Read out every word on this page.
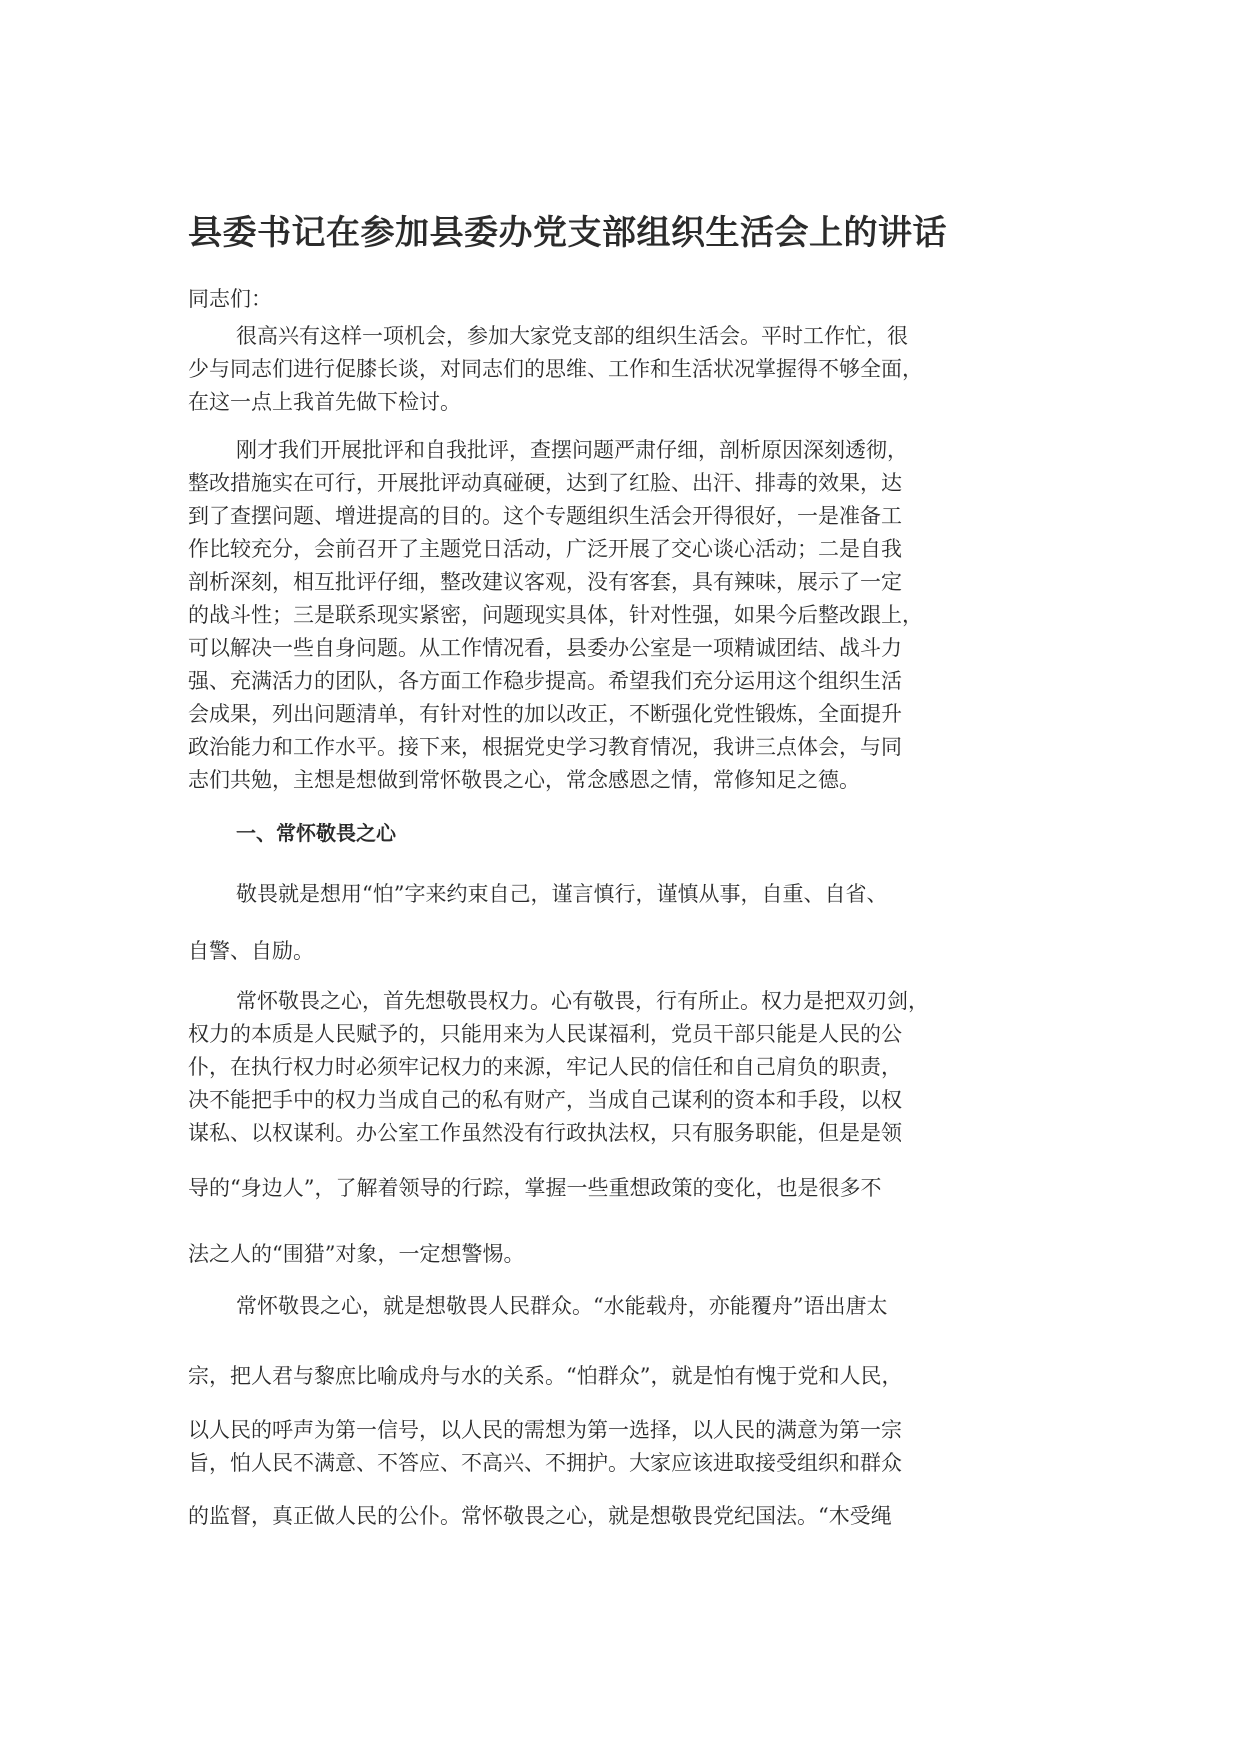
县委书记在参加县委办党支部组织生活会上的讲话

同志们：

很高兴有这样一项机会，参加大家党支部的组织生活会。平时工作忙，很
少与同志们进行促膝长谈，对同志们的思维、工作和生活状况掌握得不够全面，
在这一点上我首先做下检讨。
刚才我们开展批评和自我批评，查摆问题严肃仔细，剖析原因深刻透彻，
整改措施实在可行，开展批评动真碰硬，达到了红脸、出汗、排毒的效果，达
到了查摆问题、增进提高的目的。这个专题组织生活会开得很好，一是准备工
作比较充分，会前召开了主题党日活动，广泛开展了交心谈心活动；二是自我
剖析深刻，相互批评仔细，整改建议客观，没有客套，具有辣味，展示了一定
的战斗性；三是联系现实紧密，问题现实具体，针对性强，如果今后整改跟上，
可以解决一些自身问题。从工作情况看，县委办公室是一项精诚团结、战斗力
强、充满活力的团队，各方面工作稳步提高。希望我们充分运用这个组织生活
会成果，列出问题清单，有针对性的加以改正，不断强化党性锻炼，全面提升
政治能力和工作水平。接下来，根据党史学习教育情况，我讲三点体会，与同
志们共勉，主想是想做到常怀敬畏之心，常念感恩之情，常修知足之德。
一、常怀敬畏之心
敬畏就是想用“怕”字来约束自己，谨言慎行，谨慎从事，自重、自省、
自警、自励。
常怀敬畏之心，首先想敬畏权力。心有敬畏，行有所止。权力是把双刃剑，
权力的本质是人民赋予的，只能用来为人民谋福利，党员干部只能是人民的公
仆，在执行权力时必须牢记权力的来源，牢记人民的信任和自己肩负的职责，
决不能把手中的权力当成自己的私有财产，当成自己谋利的资本和手段，以权
谋私、以权谋利。办公室工作虽然没有行政执法权，只有服务职能，但是是领
导的“身边人”，了解着领导的行踪，掌握一些重想政策的变化，也是很多不
法之人的“围猎”对象，一定想警惕。
常怀敬畏之心，就是想敬畏人民群众。“水能载舟，亦能覆舟”语出唐太
宗，把人君与黎庶比喻成舟与水的关系。“怕群众”，就是怕有愧于党和人民，
以人民的呼声为第一信号，以人民的需想为第一选择，以人民的满意为第一宗
旨，怕人民不满意、不答应、不高兴、不拥护。大家应该进取接受组织和群众
的监督，真正做人民的公仆。常怀敬畏之心，就是想敬畏党纪国法。“木受绳
